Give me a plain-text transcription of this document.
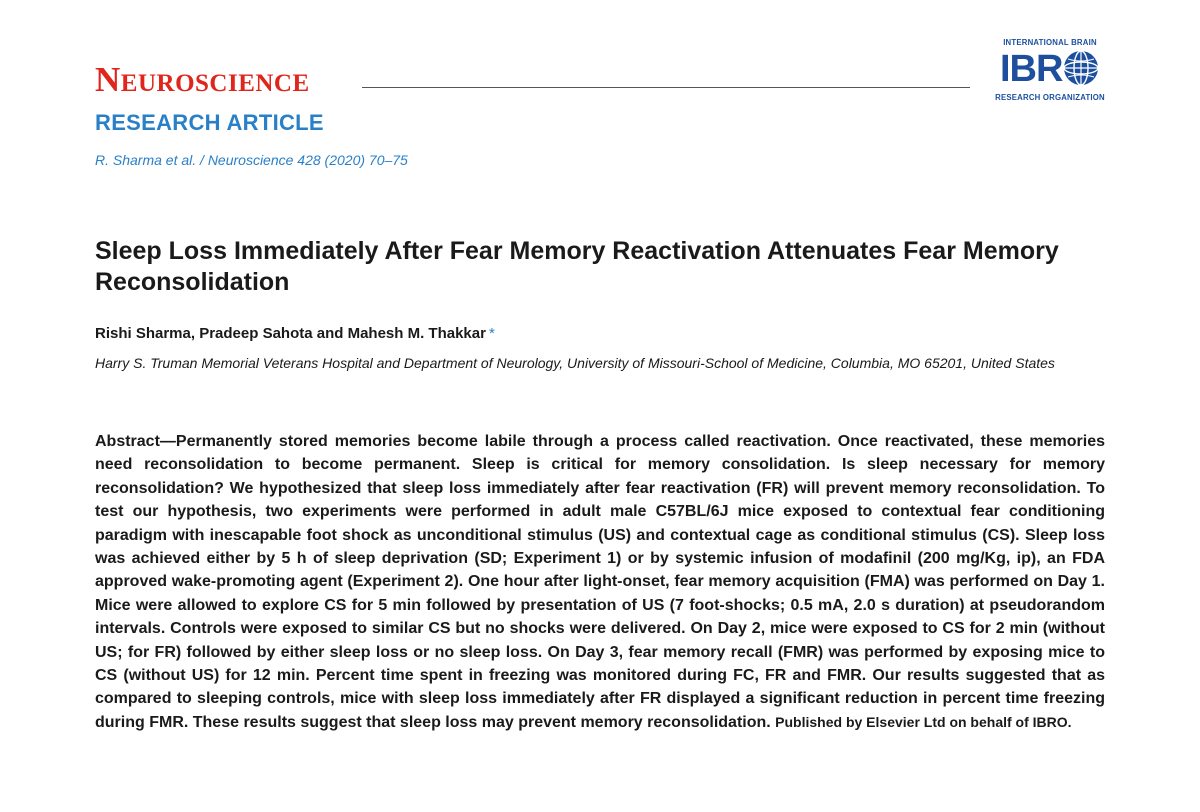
NEUROSCIENCE
RESEARCH ARTICLE
R. Sharma et al. / Neuroscience 428 (2020) 70–75
INTERNATIONAL BRAIN
IBR
RESEARCH ORGANIZATION
Sleep Loss Immediately After Fear Memory Reactivation Attenuates Fear Memory Reconsolidation
Rishi Sharma, Pradeep Sahota and Mahesh M. Thakkar *
Harry S. Truman Memorial Veterans Hospital and Department of Neurology, University of Missouri-School of Medicine, Columbia, MO 65201, United States
Abstract—Permanently stored memories become labile through a process called reactivation. Once reactivated, these memories need reconsolidation to become permanent. Sleep is critical for memory consolidation. Is sleep necessary for memory reconsolidation? We hypothesized that sleep loss immediately after fear reactivation (FR) will prevent memory reconsolidation. To test our hypothesis, two experiments were performed in adult male C57BL/6J mice exposed to contextual fear conditioning paradigm with inescapable foot shock as unconditional stimulus (US) and contextual cage as conditional stimulus (CS). Sleep loss was achieved either by 5 h of sleep deprivation (SD; Experiment 1) or by systemic infusion of modafinil (200 mg/Kg, ip), an FDA approved wake-promoting agent (Experiment 2). One hour after light-onset, fear memory acquisition (FMA) was performed on Day 1. Mice were allowed to explore CS for 5 min followed by presentation of US (7 foot-shocks; 0.5 mA, 2.0 s duration) at pseudorandom intervals. Controls were exposed to similar CS but no shocks were delivered. On Day 2, mice were exposed to CS for 2 min (without US; for FR) followed by either sleep loss or no sleep loss. On Day 3, fear memory recall (FMR) was performed by exposing mice to CS (without US) for 12 min. Percent time spent in freezing was monitored during FC, FR and FMR. Our results suggested that as compared to sleeping controls, mice with sleep loss immediately after FR displayed a significant reduction in percent time freezing during FMR. These results suggest that sleep loss may prevent memory reconsolidation. Published by Elsevier Ltd on behalf of IBRO.
